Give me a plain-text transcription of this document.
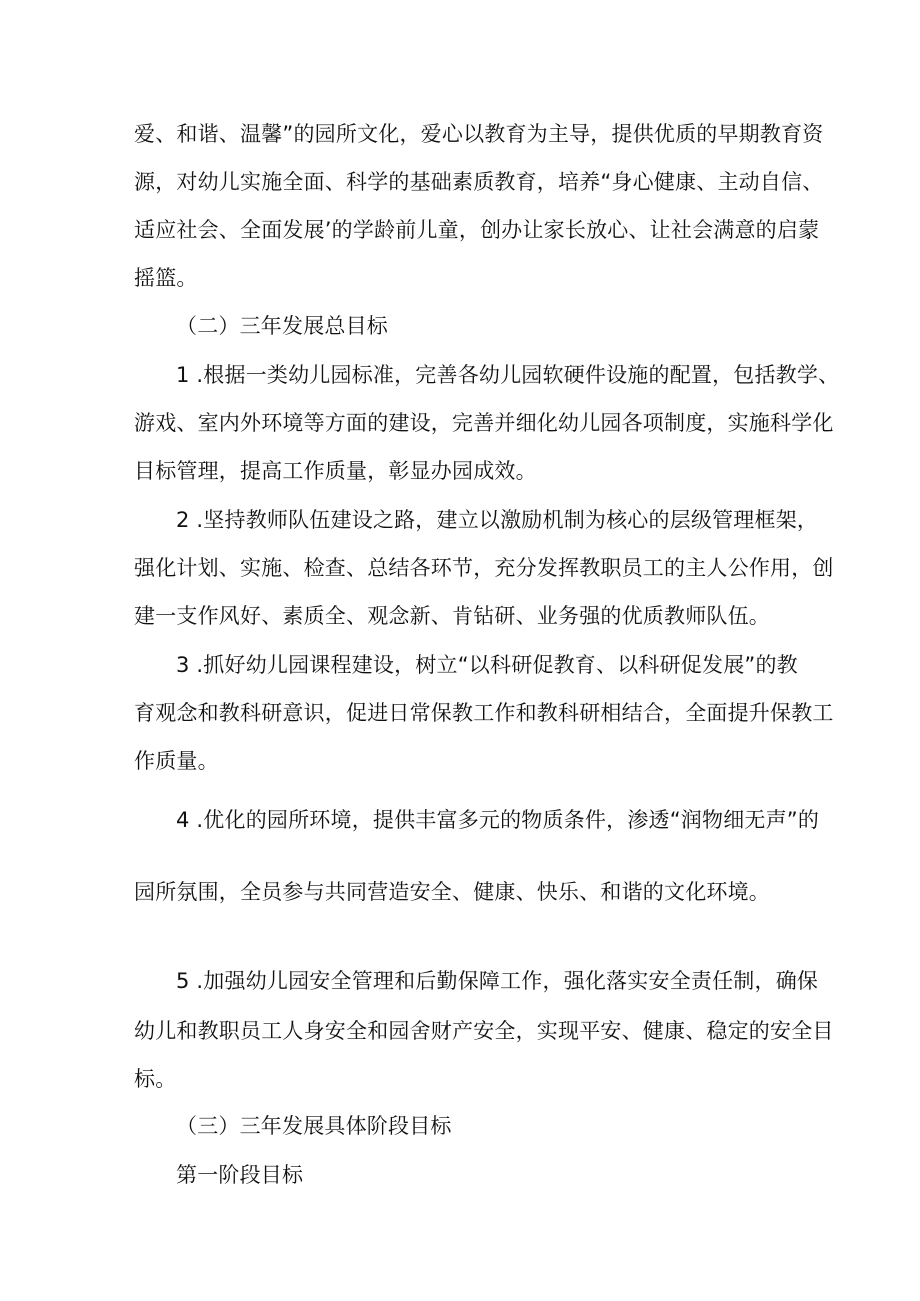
爱、和谐、温馨”的园所文化，爱心以教育为主导，提供优质的早期教育资
源，对幼儿实施全面、科学的基础素质教育，培养“身心健康、主动自信、
适应社会、全面发展’的学龄前儿童，创办让家长放心、让社会满意的启蒙
摇篮。
（二）三年发展总目标
1 .根据一类幼儿园标准，完善各幼儿园软硬件设施的配置，包括教学、
游戏、室内外环境等方面的建设，完善并细化幼儿园各项制度，实施科学化
目标管理，提高工作质量，彰显办园成效。
2 .坚持教师队伍建设之路，建立以激励机制为核心的层级管理框架，
强化计划、实施、检查、总结各环节，充分发挥教职员工的主人公作用，创
建一支作风好、素质全、观念新、肯钻研、业务强的优质教师队伍。
3 .抓好幼儿园课程建设，树立“以科研促教育、以科研促发展”的教
育观念和教科研意识，促进日常保教工作和教科研相结合，全面提升保教工
作质量。
4 .优化的园所环境，提供丰富多元的物质条件，渗透“润物细无声”的
园所氛围，全员参与共同营造安全、健康、快乐、和谐的文化环境。
5 .加强幼儿园安全管理和后勤保障工作，强化落实安全责任制，确保
幼儿和教职员工人身安全和园舍财产安全，实现平安、健康、稳定的安全目
标。
（三）三年发展具体阶段目标
第一阶段目标
